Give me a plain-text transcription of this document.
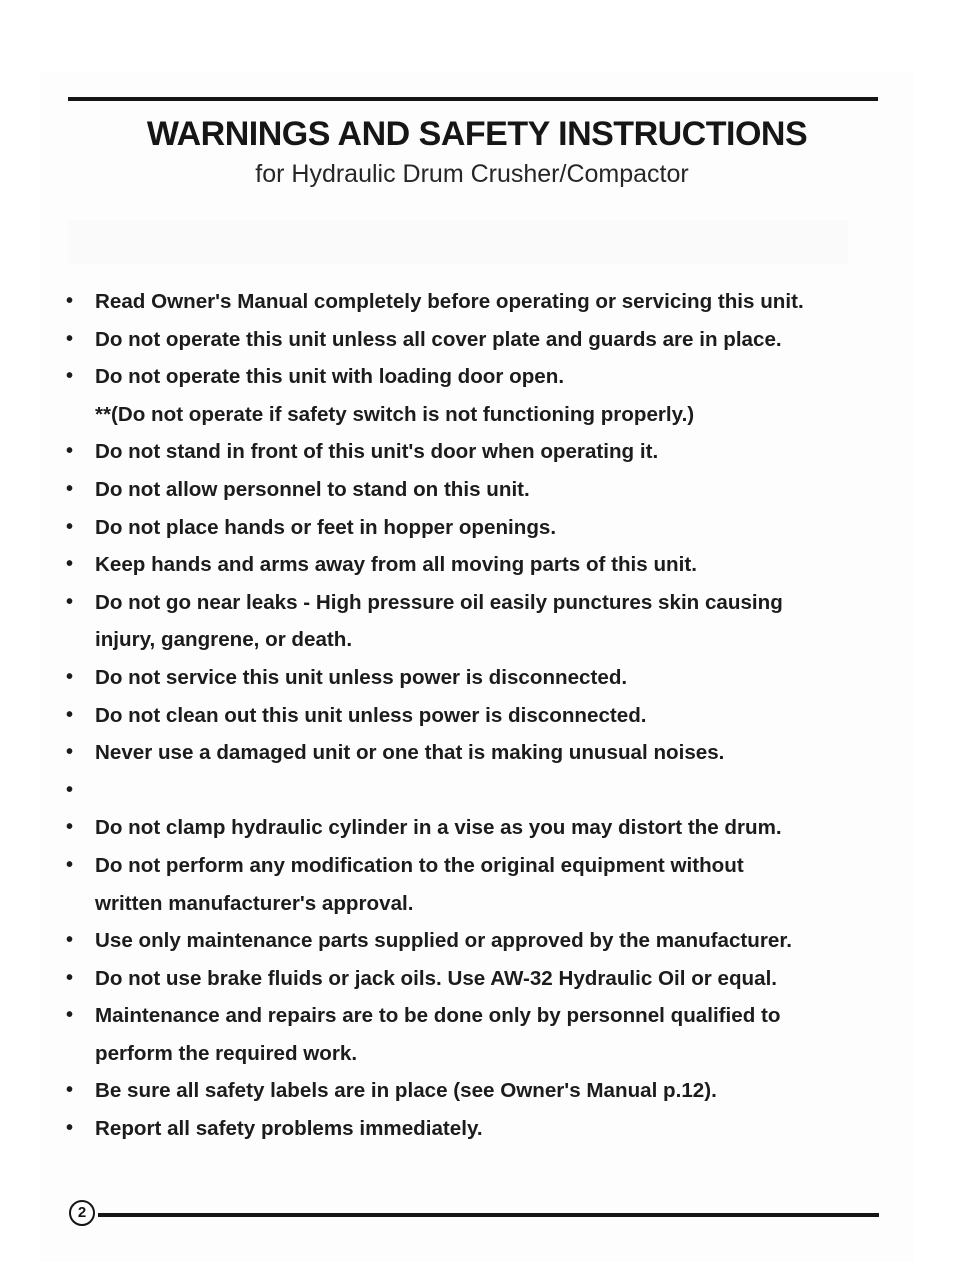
WARNINGS AND SAFETY INSTRUCTIONS

for Hydraulic Drum Crusher/Compactor

• Read Owner's Manual completely before operating or servicing this unit.
• Do not operate this unit unless all cover plate and guards are in place.
• Do not operate this unit with loading door open.
**(Do not operate if safety switch is not functioning properly.)
• Do not stand in front of this unit's door when operating it.
• Do not allow personnel to stand on this unit.
• Do not place hands or feet in hopper openings.
• Keep hands and arms away from all moving parts of this unit.
• Do not go near leaks - High pressure oil easily punctures skin causing
injury, gangrene, or death.
• Do not service this unit unless power is disconnected.
• Do not clean out this unit unless power is disconnected.
• Never use a damaged unit or one that is making unusual noises.
•
• Do not clamp hydraulic cylinder in a vise as you may distort the drum.
• Do not perform any modification to the original equipment without
written manufacturer's approval.
• Use only maintenance parts supplied or approved by the manufacturer.
• Do not use brake fluids or jack oils. Use AW-32 Hydraulic Oil or equal.
• Maintenance and repairs are to be done only by personnel qualified to
perform the required work.
• Be sure all safety labels are in place (see Owner's Manual p.12).
• Report all safety problems immediately.
2
